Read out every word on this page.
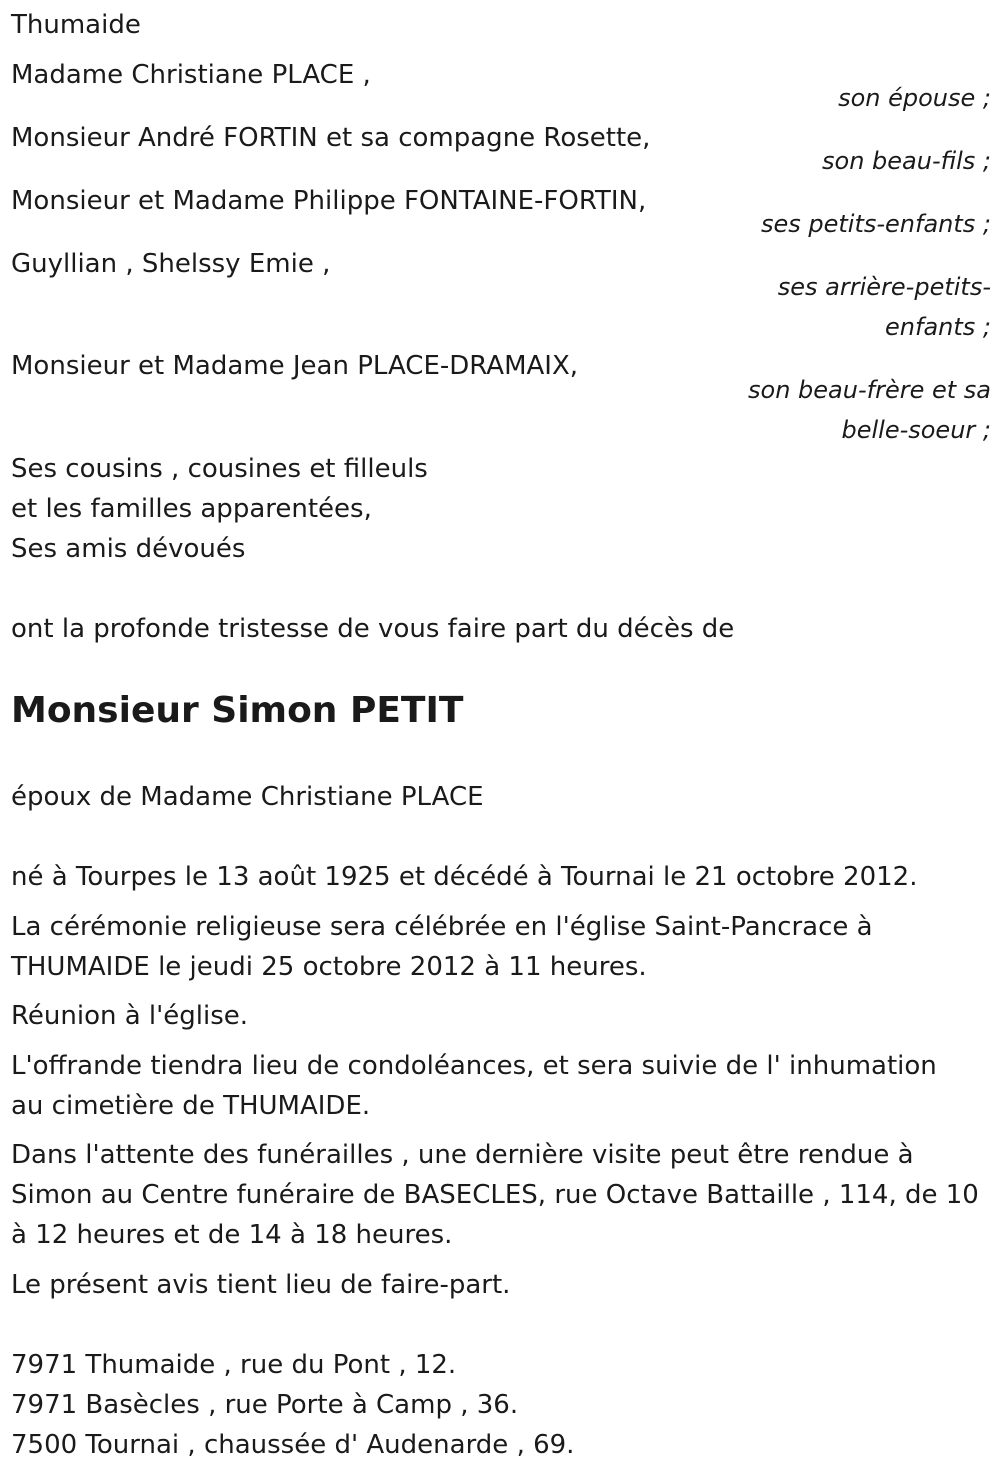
Thumaide
Madame Christiane PLACE ,
son épouse ;
Monsieur André FORTIN et sa compagne Rosette,
son beau-fils ;
Monsieur et Madame Philippe FONTAINE-FORTIN,
ses petits-enfants ;
Guyllian , Shelssy Emie ,
ses arrière-petits-enfants ;
Monsieur et Madame Jean PLACE-DRAMAIX,
son beau-frère et sa belle-soeur ;
Ses cousins , cousines et filleuls
et les familles apparentées,
Ses amis dévoués
ont la profonde tristesse de vous faire part du décès de
Monsieur Simon PETIT
époux de Madame Christiane PLACE
né à Tourpes le 13 août 1925 et décédé à Tournai le 21 octobre 2012.
La cérémonie religieuse sera célébrée en l'église Saint-Pancrace à
THUMAIDE le jeudi 25 octobre 2012 à 11 heures.
Réunion à l'église.
L'offrande tiendra lieu de condoléances, et sera suivie de l' inhumation
au cimetière de THUMAIDE.
Dans l'attente des funérailles , une dernière visite peut être rendue à
Simon au Centre funéraire de BASECLES, rue Octave Battaille , 114, de 10
à 12 heures et de 14 à 18 heures.
Le présent avis tient lieu de faire-part.
7971 Thumaide , rue du Pont , 12.
7971 Basècles , rue Porte à Camp , 36.
7500 Tournai , chaussée d' Audenarde , 69.
